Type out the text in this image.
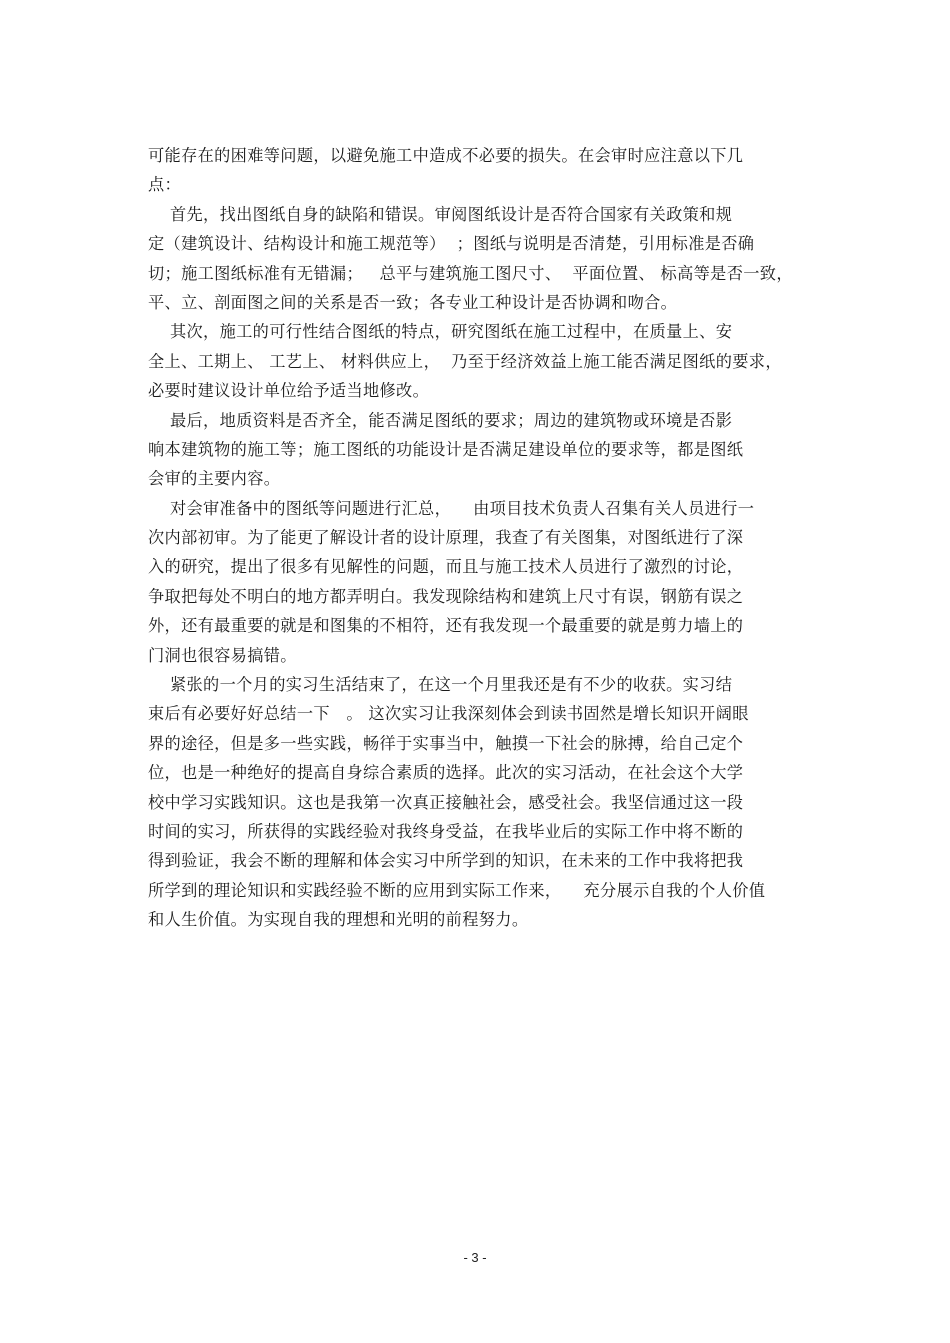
可能存在的困难等问题，以避免施工中造成不必要的损失。在会审时应注意以下几
点：
首先，找出图纸自身的缺陷和错误。审阅图纸设计是否符合国家有关政策和规
定（建筑设计、结构设计和施工规范等）  ；图纸与说明是否清楚，引用标准是否确
切；施工图纸标准有无错漏；   总平与建筑施工图尺寸、  平面位置、 标高等是否一致，
平、立、剖面图之间的关系是否一致；各专业工种设计是否协调和吻合。
其次，施工的可行性结合图纸的特点，研究图纸在施工过程中，在质量上、安
全上、工期上、 工艺上、 材料供应上，  乃至于经济效益上施工能否满足图纸的要求，
必要时建议设计单位给予适当地修改。
最后，地质资料是否齐全，能否满足图纸的要求；周边的建筑物或环境是否影
响本建筑物的施工等；施工图纸的功能设计是否满足建设单位的要求等，都是图纸
会审的主要内容。
对会审准备中的图纸等问题进行汇总，    由项目技术负责人召集有关人员进行一
次内部初审。为了能更了解设计者的设计原理，我查了有关图集，对图纸进行了深
入的研究，提出了很多有见解性的问题，而且与施工技术人员进行了激烈的讨论，
争取把每处不明白的地方都弄明白。我发现除结构和建筑上尺寸有误，钢筋有误之
外，还有最重要的就是和图集的不相符，还有我发现一个最重要的就是剪力墙上的
门洞也很容易搞错。
紧张的一个月的实习生活结束了，在这一个月里我还是有不少的收获。实习结
束后有必要好好总结一下   。 这次实习让我深刻体会到读书固然是增长知识开阔眼
界的途径，但是多一些实践，畅徉于实事当中，触摸一下社会的脉搏，给自己定个
位，也是一种绝好的提高自身综合素质的选择。此次的实习活动，在社会这个大学
校中学习实践知识。这也是我第一次真正接触社会，感受社会。我坚信通过这一段
时间的实习，所获得的实践经验对我终身受益，在我毕业后的实际工作中将不断的
得到验证，我会不断的理解和体会实习中所学到的知识，在未来的工作中我将把我
所学到的理论知识和实践经验不断的应用到实际工作来，    充分展示自我的个人价值
和人生价值。为实现自我的理想和光明的前程努力。
- 3 -
